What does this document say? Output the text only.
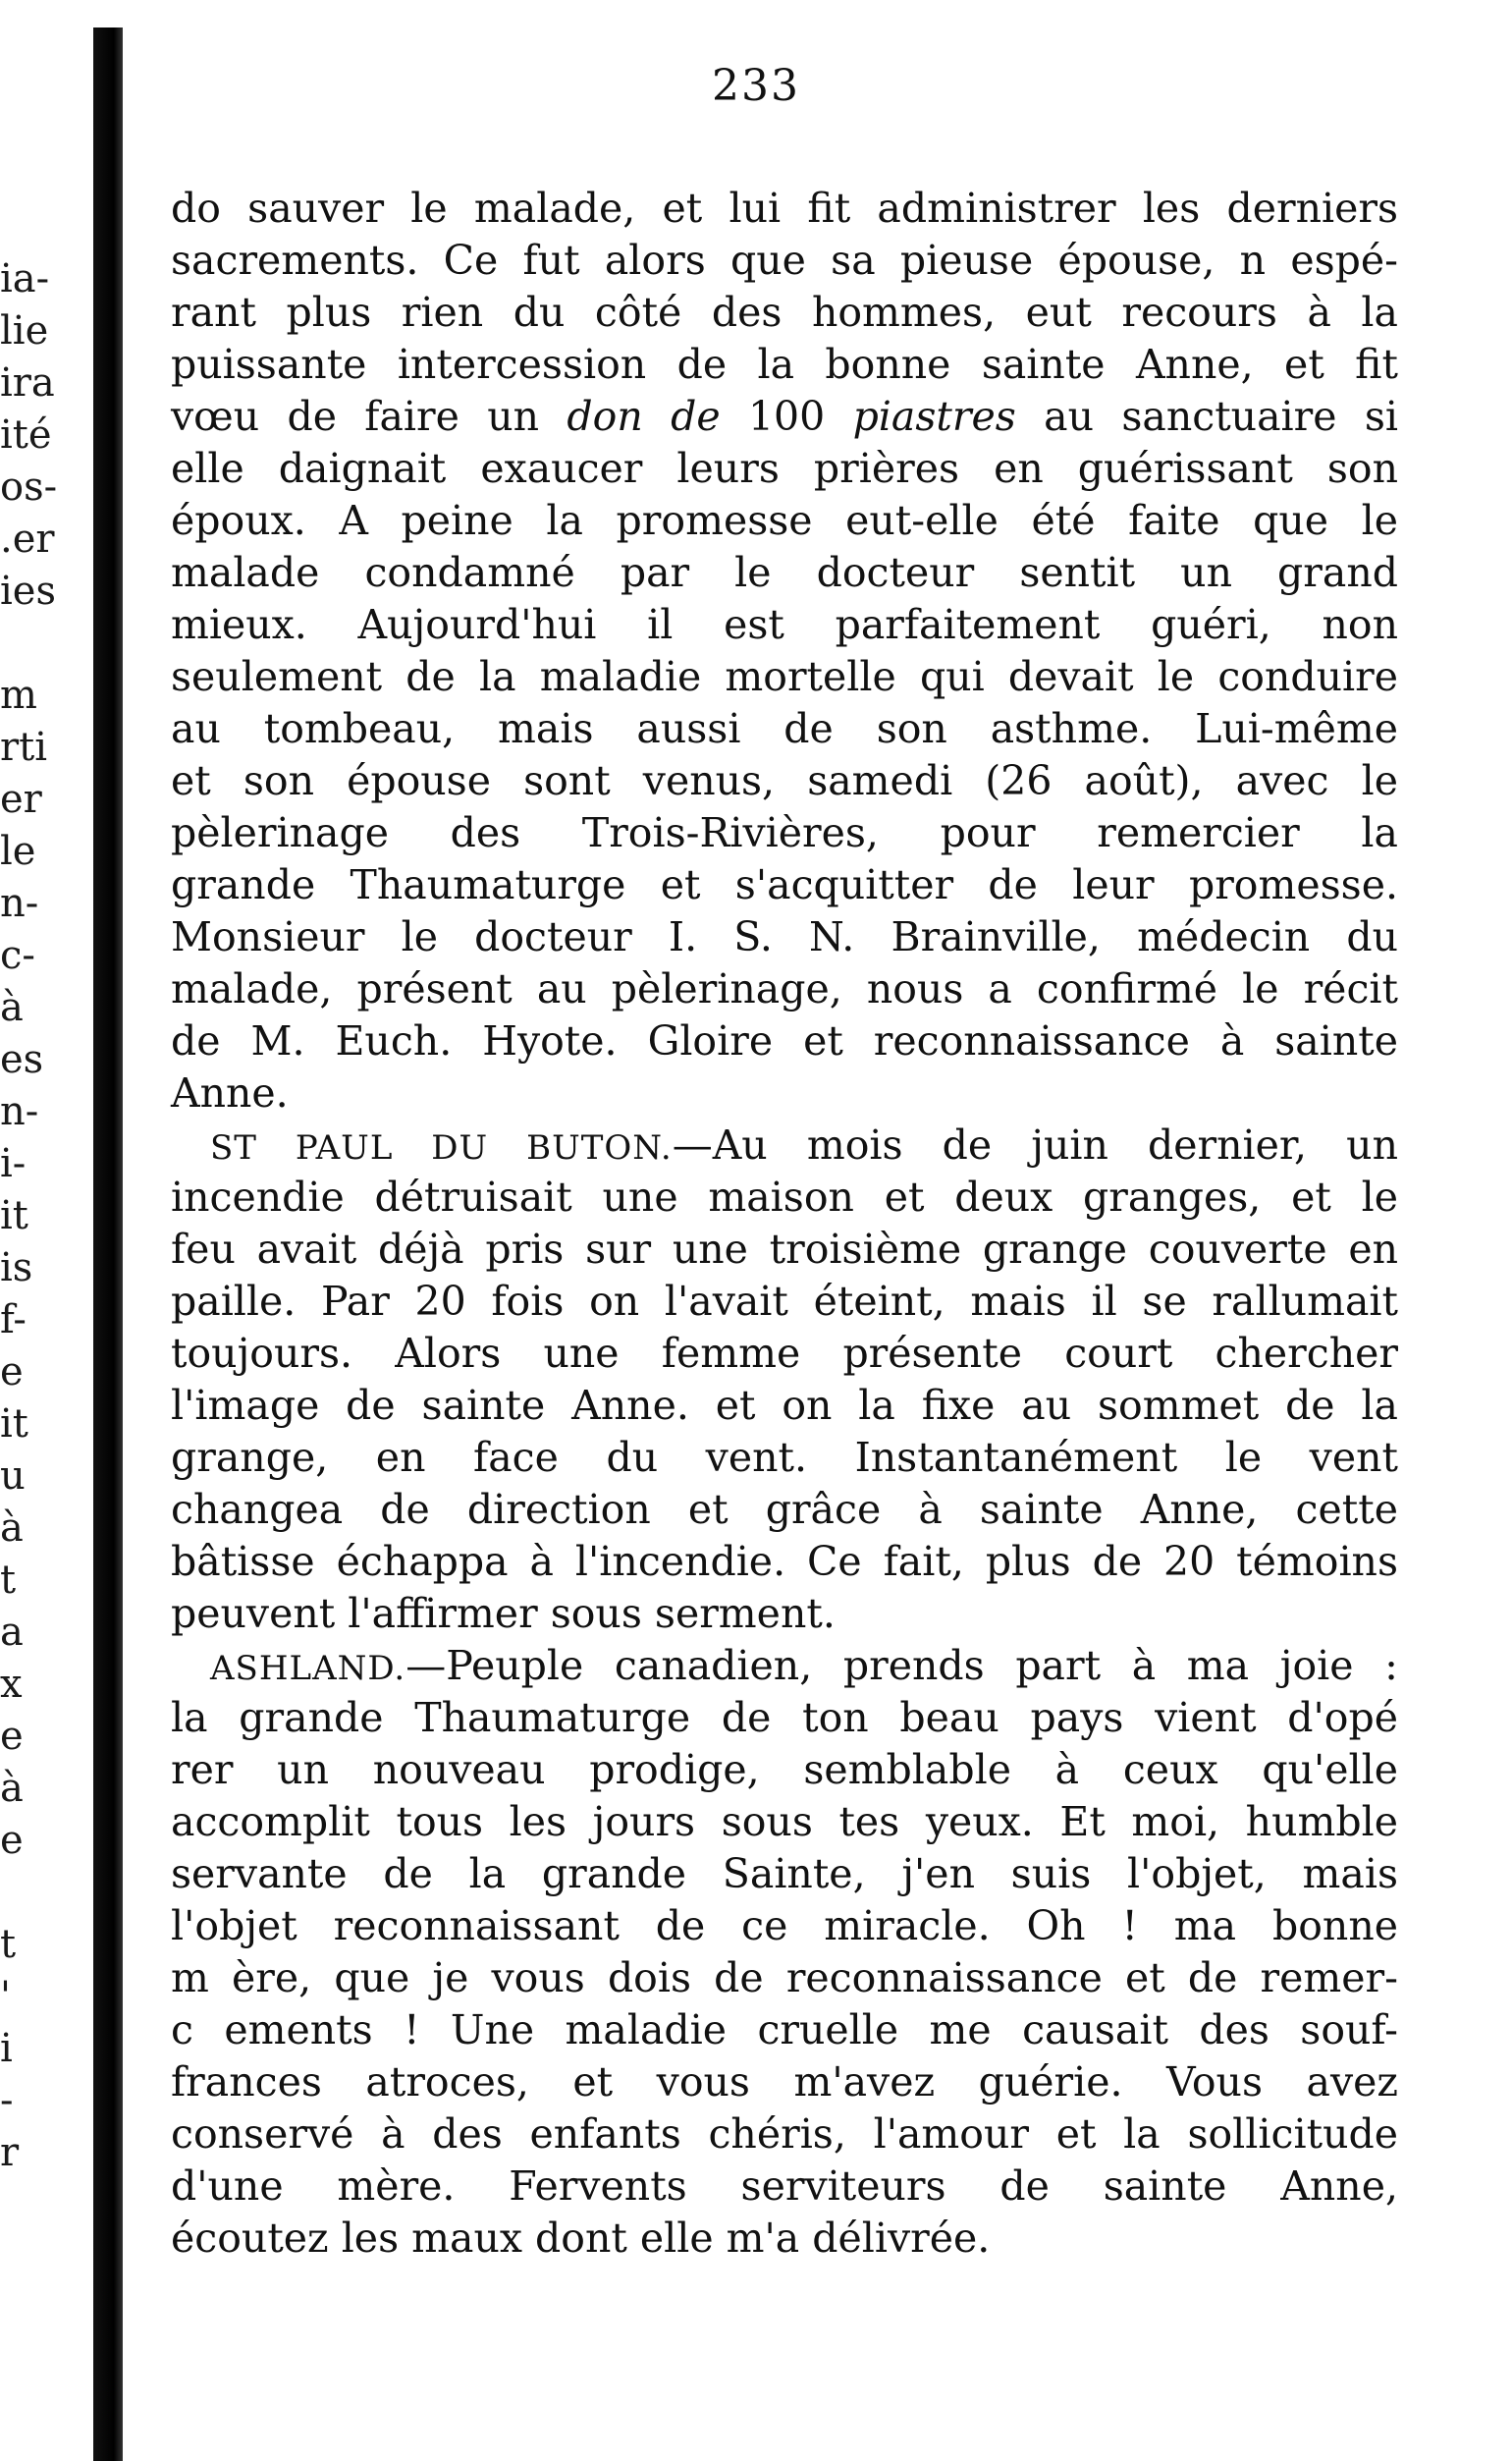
ia-
lie
ira
ité
os-
.er
ies
m
rti
er
le
n-
c-
à
es
n-
i-
it
is
f-
e
it
u
à
t
a
x
e
à
e
t
'
i
-
r
233
do sauver le malade, et lui fit administrer les derniers
sacrements. Ce fut alors que sa pieuse épouse, n espé-
rant plus rien du côté des hommes, eut recours à la
puissante intercession de la bonne sainte Anne, et fit
vœu de faire un don de 100 piastres au sanctuaire si
elle daignait exaucer leurs prières en guérissant son
époux. A peine la promesse eut-elle été faite que le
malade condamné par le docteur sentit un grand
mieux. Aujourd'hui il est parfaitement guéri, non
seulement de la maladie mortelle qui devait le conduire
au tombeau, mais aussi de son asthme. Lui-même
et son épouse sont venus, samedi (26 août), avec le
pèlerinage des Trois-Rivières, pour remercier la
grande Thaumaturge et s'acquitter de leur promesse.
Monsieur le docteur I. S. N. Brainville, médecin du
malade, présent au pèlerinage, nous a confirmé le récit
de M. Euch. Hyote. Gloire et reconnaissance à sainte
Anne.
ST PAUL DU BUTON.—Au mois de juin dernier, un
incendie détruisait une maison et deux granges, et le
feu avait déjà pris sur une troisième grange couverte en
paille. Par 20 fois on l'avait éteint, mais il se rallumait
toujours. Alors une femme présente court chercher
l'image de sainte Anne. et on la fixe au sommet de la
grange, en face du vent. Instantanément le vent
changea de direction et grâce à sainte Anne, cette
bâtisse échappa à l'incendie. Ce fait, plus de 20 témoins
peuvent l'affirmer sous serment.
ASHLAND.—Peuple canadien, prends part à ma joie :
la grande Thaumaturge de ton beau pays vient d'opé
rer un nouveau prodige, semblable à ceux qu'elle
accomplit tous les jours sous tes yeux. Et moi, humble
servante de la grande Sainte, j'en suis l'objet, mais
l'objet reconnaissant de ce miracle. Oh ! ma bonne
m ère, que je vous dois de reconnaissance et de remer-
c ements ! Une maladie cruelle me causait des souf-
frances atroces, et vous m'avez guérie. Vous avez
conservé à des enfants chéris, l'amour et la sollicitude
d'une mère. Fervents serviteurs de sainte Anne,
écoutez les maux dont elle m'a délivrée.
